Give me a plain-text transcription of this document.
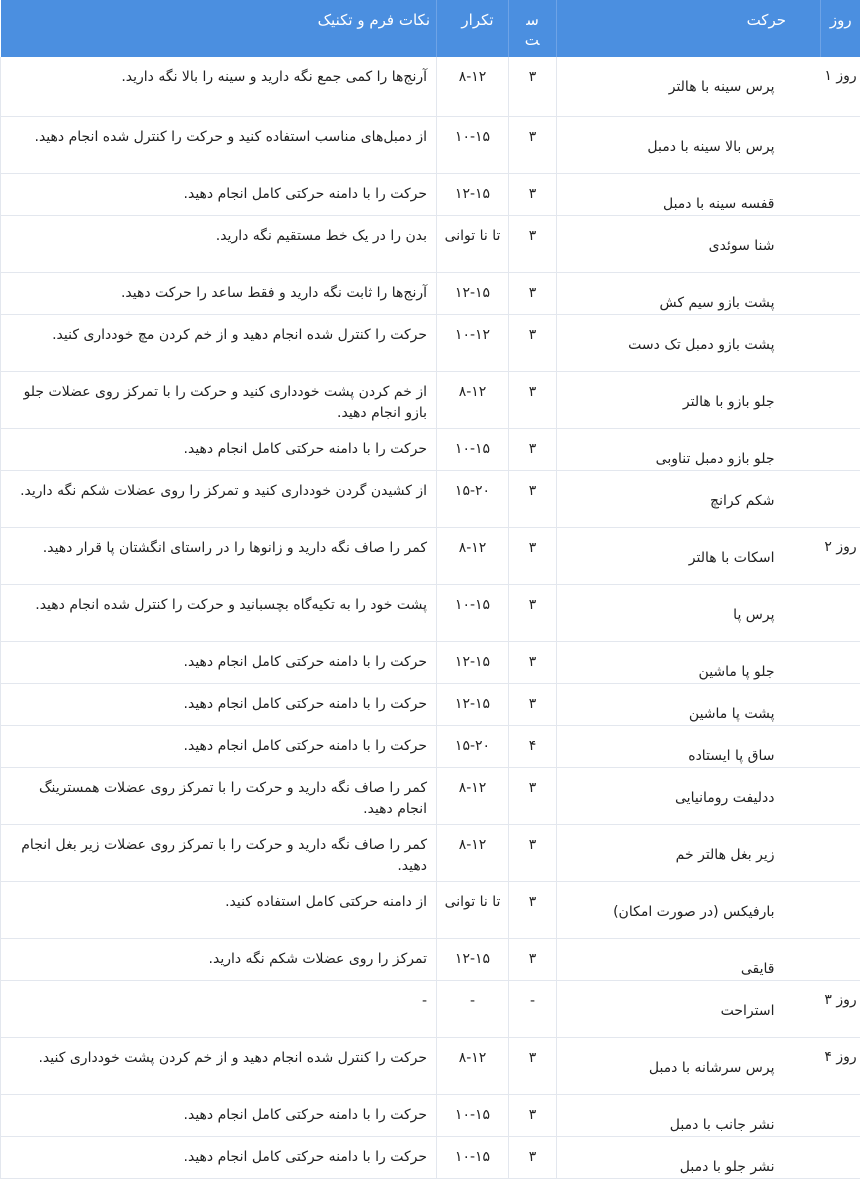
نکات فرم و تکنیک	تکرار	ست	حرکت	روز

آرنج‌ها را کمی جمع نگه دارید و سینه را بالا نگه دارید.	۸-۱۲	۳	پرس سینه با هالتر	روز ۱

از دمبل‌های مناسب استفاده کنید و حرکت را کنترل شده انجام دهید.	۱۰-۱۵	۳	پرس بالا سینه با دمبل	

حرکت را با دامنه حرکتی کامل انجام دهید.	۱۲-۱۵	۳	قفسه سینه با دمبل	

بدن را در یک خط مستقیم نگه دارید.	تا نا توانی	۳	شنا سوئدی	

آرنج‌ها را ثابت نگه دارید و فقط ساعد را حرکت دهید.	۱۲-۱۵	۳	پشت بازو سیم کش	

حرکت را کنترل شده انجام دهید و از خم کردن مچ خودداری کنید.	۱۰-۱۲	۳	پشت بازو دمبل تک دست	

از خم کردن پشت خودداری کنید و حرکت را با تمرکز روی عضلات جلو بازو انجام دهید.	۸-۱۲	۳	جلو بازو با هالتر	

حرکت را با دامنه حرکتی کامل انجام دهید.	۱۰-۱۵	۳	جلو بازو دمبل تناوبی	

از کشیدن گردن خودداری کنید و تمرکز را روی عضلات شکم نگه دارید.	۱۵-۲۰	۳	شکم کرانچ	

کمر را صاف نگه دارید و زانوها را در راستای انگشتان پا قرار دهید.	۸-۱۲	۳	اسکات با هالتر	روز ۲

پشت خود را به تکیه‌گاه بچسبانید و حرکت را کنترل شده انجام دهید.	۱۰-۱۵	۳	پرس پا	

حرکت را با دامنه حرکتی کامل انجام دهید.	۱۲-۱۵	۳	جلو پا ماشین	

حرکت را با دامنه حرکتی کامل انجام دهید.	۱۲-۱۵	۳	پشت پا ماشین	

حرکت را با دامنه حرکتی کامل انجام دهید.	۱۵-۲۰	۴	ساق پا ایستاده	

کمر را صاف نگه دارید و حرکت را با تمرکز روی عضلات همسترینگ انجام دهید.	۸-۱۲	۳	ددلیفت رومانیایی	

کمر را صاف نگه دارید و حرکت را با تمرکز روی عضلات زیر بغل انجام دهید.	۸-۱۲	۳	زیر بغل هالتر خم	

از دامنه حرکتی کامل استفاده کنید.	تا نا توانی	۳	بارفیکس (در صورت امکان)	

تمرکز را روی عضلات شکم نگه دارید.	۱۲-۱۵	۳	قایقی	

-	-	-	استراحت	روز ۳

حرکت را کنترل شده انجام دهید و از خم کردن پشت خودداری کنید.	۸-۱۲	۳	پرس سرشانه با دمبل	روز ۴

حرکت را با دامنه حرکتی کامل انجام دهید.	۱۰-۱۵	۳	نشر جانب با دمبل	

حرکت را با دامنه حرکتی کامل انجام دهید.	۱۰-۱۵	۳	نشر جلو با دمبل	
